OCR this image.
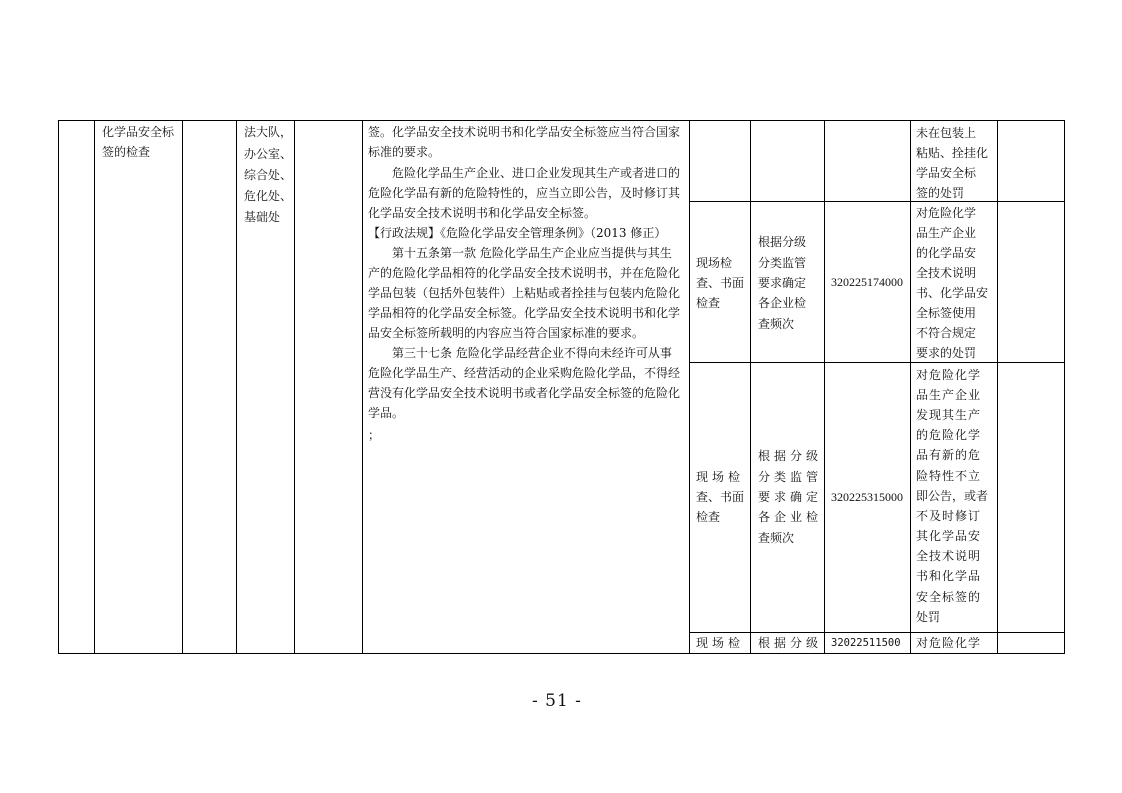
化学品安全标
签的检查
法大队，
办公室、
综合处、
危化处、
基础处
签。化学品安全技术说明书和化学品安全标签应当符合国家
标准的要求。
危险化学品生产企业、进口企业发现其生产或者进口的
危险化学品有新的危险特性的，应当立即公告，及时修订其
化学品安全技术说明书和化学品安全标签。
【行政法规】《危险化学品安全管理条例》（2013 修正）
第十五条第一款 危险化学品生产企业应当提供与其生
产的危险化学品相符的化学品安全技术说明书，并在危险化
学品包装（包括外包装件）上粘贴或者拴挂与包装内危险化
学品相符的化学品安全标签。化学品安全技术说明书和化学
品安全标签所载明的内容应当符合国家标准的要求。
第三十七条 危险化学品经营企业不得向未经许可从事
危险化学品生产、经营活动的企业采购危险化学品，不得经
营没有化学品安全技术说明书或者化学品安全标签的危险化
学品。
；
未在包装上
粘贴、拴挂化
学品安全标
签的处罚
现场检
查、书面
检查
根据分级
分类监管
要求确定
各企业检
查频次
320225174000
对危险化学
品生产企业
的化学品安
全技术说明
书、化学品安
全标签使用
不符合规定
要求的处罚
现场检
查、书面
检查
根据分级
分类监管
要求确定
各企业检
查频次
320225315000
对危险化学
品生产企业
发现其生产
的危险化学
品有新的危
险特性不立
即公告，或者
不及时修订
其化学品安
全技术说明
书和化学品
安全标签的
处罚
现场检 根据分级 32022511500 对危险化学
- 51 -
